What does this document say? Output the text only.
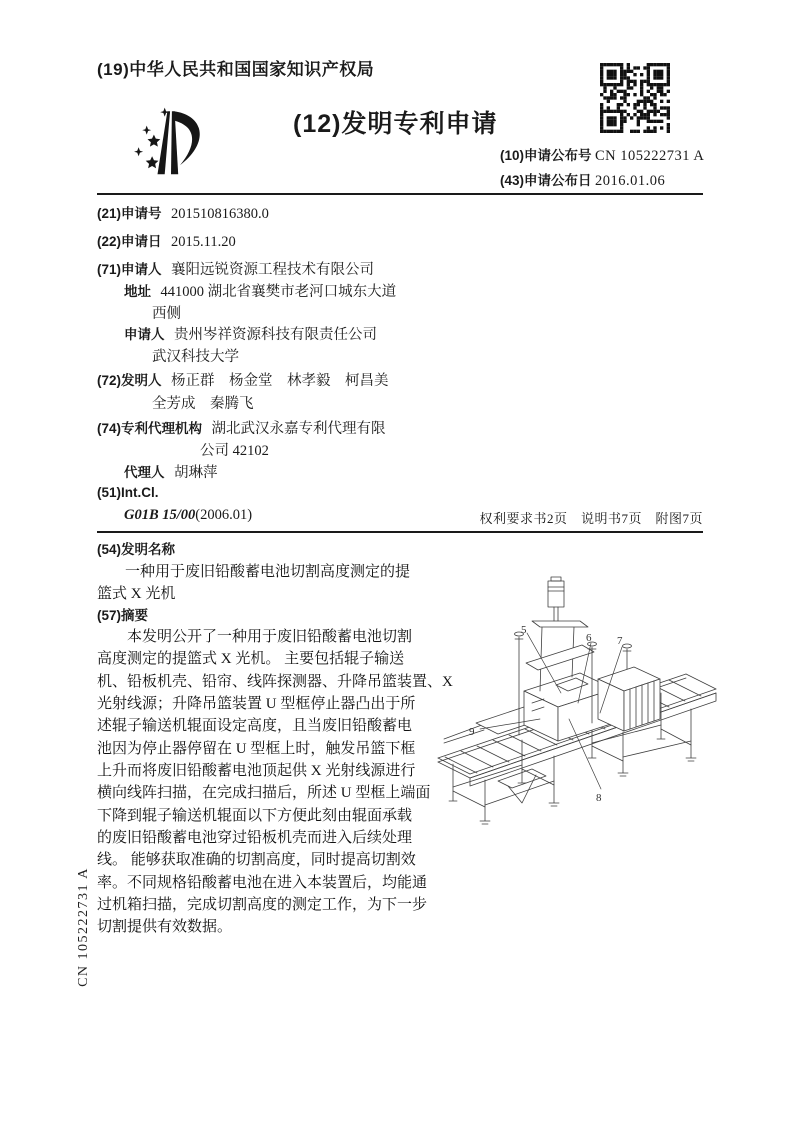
(19)中华人民共和国国家知识产权局
(12)发明专利申请
(10)申请公布号 CN 105222731 A
(43)申请公布日 2016.01.06
(21)申请号 201510816380.0
(22)申请日 2015.11.20
(71)申请人 襄阳远锐资源工程技术有限公司
地址 441000 湖北省襄樊市老河口城东大道
西侧
申请人 贵州岑祥资源科技有限责任公司
武汉科技大学
(72)发明人 杨正群　杨金堂　林孝毅　柯昌美
全芳成　秦腾飞
(74)专利代理机构 湖北武汉永嘉专利代理有限
公司 42102
代理人 胡琳萍
(51)Int.Cl.
G01B 15/00(2006.01)	权利要求书2页　说明书7页　附图7页
(54)发明名称
一种用于废旧铅酸蓄电池切割高度测定的提
篮式 X 光机
(57)摘要
本发明公开了一种用于废旧铅酸蓄电池切割
高度测定的提篮式 X 光机。 主要包括辊子输送
机、铅板机壳、铅帘、线阵探测器、升降吊篮装置、X
光射线源；升降吊篮装置 U 型框停止器凸出于所
述辊子输送机辊面设定高度，且当废旧铅酸蓄电
池因为停止器停留在 U 型框上时，触发吊篮下框
上升而将废旧铅酸蓄电池顶起供 X 光射线源进行
横向线阵扫描，在完成扫描后，所述 U 型框上端面
下降到辊子输送机辊面以下方便此刻由辊面承载
的废旧铅酸蓄电池穿过铅板机壳而进入后续处理
线。 能够获取准确的切割高度，同时提高切割效
率。不同规格铅酸蓄电池在进入本装置后，均能通
过机箱扫描，完成切割高度的测定工作，为下一步
切割提供有效数据。
5
6 7
8
9
CN 105222731 A
